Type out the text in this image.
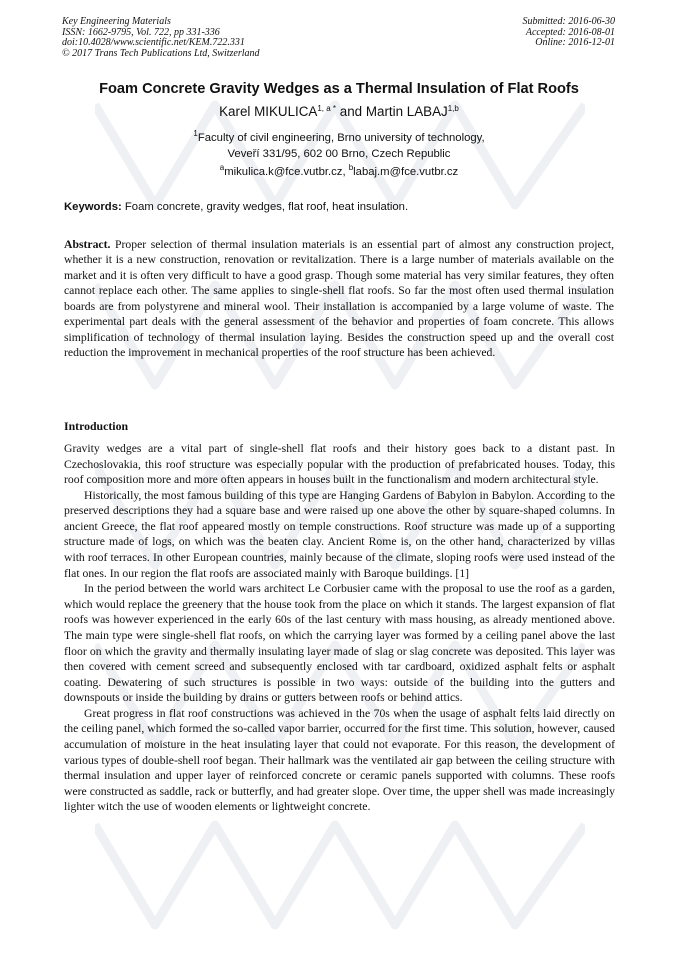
Key Engineering Materials
ISSN: 1662-9795, Vol. 722, pp 331-336
doi:10.4028/www.scientific.net/KEM.722.331
© 2017 Trans Tech Publications Ltd, Switzerland
Submitted: 2016-06-30
Accepted: 2016-08-01
Online: 2016-12-01
Foam Concrete Gravity Wedges as a Thermal Insulation of Flat Roofs
Karel $MIKULICA^{1, a *}$ and Martin LABAJ$^{1,b}$
$^1$Faculty of civil engineering, Brno university of technology,
Veveří 331/95, 602 00 Brno, Czech Republic
$^a$mikulica.k@fce.vutbr.cz, $^b$labaj.m@fce.vutbr.cz
Keywords: Foam concrete, gravity wedges, flat roof, heat insulation.
Abstract. Proper selection of thermal insulation materials is an essential part of almost any construction project, whether it is a new construction, renovation or revitalization. There is a large number of materials available on the market and it is often very difficult to have a good grasp. Though some material has very similar features, they often cannot replace each other. The same applies to single-shell flat roofs. So far the most often used thermal insulation boards are from polystyrene and mineral wool. Their installation is accompanied by a large volume of waste. The experimental part deals with the general assessment of the behavior and properties of foam concrete. This allows simplification of technology of thermal insulation laying. Besides the construction speed up and the overall cost reduction the improvement in mechanical properties of the roof structure has been achieved.
Introduction

Gravity wedges are a vital part of single-shell flat roofs and their history goes back to a distant past. In Czechoslovakia, this roof structure was especially popular with the production of prefabricated houses. Today, this roof composition more and more often appears in houses built in the functionalism and modern architectural style.

Historically, the most famous building of this type are Hanging Gardens of Babylon in Babylon. According to the preserved descriptions they had a square base and were raised up one above the other by square-shaped columns. In ancient Greece, the flat roof appeared mostly on temple constructions. Roof structure was made up of a supporting structure made of logs, on which was the beaten clay. Ancient Rome is, on the other hand, characterized by villas with roof terraces. In other European countries, mainly because of the climate, sloping roofs were used instead of the flat ones. In our region the flat roofs are associated mainly with Baroque buildings. [1]

In the period between the world wars architect Le Corbusier came with the proposal to use the roof as a garden, which would replace the greenery that the house took from the place on which it stands. The largest expansion of flat roofs was however experienced in the early 60s of the last century with mass housing, as already mentioned above. The main type were single-shell flat roofs, on which the carrying layer was formed by a ceiling panel above the last floor on which the gravity and thermally insulating layer made of slag or slag concrete was deposited. This layer was then covered with cement screed and subsequently enclosed with tar cardboard, oxidized asphalt felts or asphalt coating. Dewatering of such structures is possible in two ways: outside of the building into the gutters and downspouts or inside the building by drains or gutters between roofs or behind attics.

Great progress in flat roof constructions was achieved in the 70s when the usage of asphalt felts laid directly on the ceiling panel, which formed the so-called vapor barrier, occurred for the first time. This solution, however, caused accumulation of moisture in the heat insulating layer that could not evaporate. For this reason, the development of various types of double-shell roof began. Their hallmark was the ventilated air gap between the ceiling structure with thermal insulation and upper layer of reinforced concrete or ceramic panels supported with columns. These roofs were constructed as saddle, rack or butterfly, and had greater slope. Over time, the upper shell was made increasingly lighter witch the use of wooden elements or lightweight concrete.
